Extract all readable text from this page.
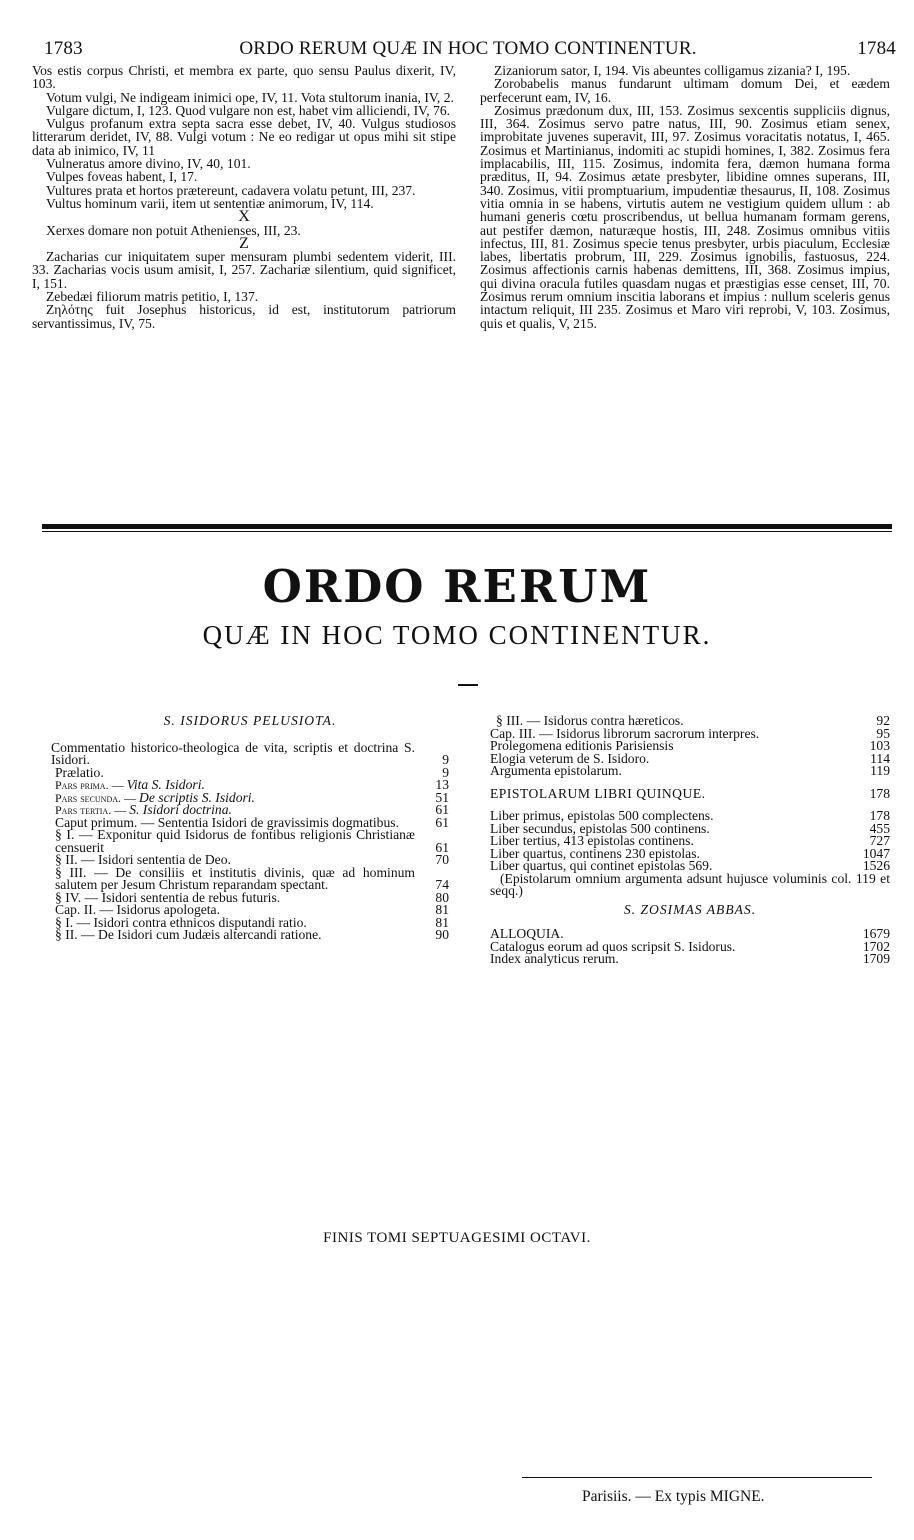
1783	ORDO RERUM QUÆ IN HOC TOMO CONTINENTUR.	1784

Vos estis corpus Christi, et membra ex parte, quo sensu Paulus dixerit, IV, 103.

Votum vulgi, Ne indigeam inimici ope, IV, 11. Vota stultorum inania, IV, 2.

Vulgare dictum, I, 123. Quod vulgare non est, habet vim alliciendi, IV, 76.

Vulgus profanum extra septa sacra esse debet, IV, 40. Vulgus studiosos litterarum deridet, IV, 88. Vulgi votum : Ne eo redigar ut opus mihi sit stipe data ab inimico, IV, 11

Vulneratus amore divino, IV, 40, 101.

Vulpes foveas habent, I, 17.

Vultures prata et hortos prætereunt, cadavera volatu petunt, III, 237.

Vultus hominum varii, item ut sententiæ animorum, IV, 114.

X

Xerxes domare non potuit Athenienses, III, 23.

Z

Zacharias cur iniquitatem super mensuram plumbi sedentem viderit, III. 33. Zacharias vocis usum amisit, I, 257. Zachariæ silentium, quid significet, I, 151.

Zebedæi filiorum matris petitio, I, 137.

Ζηλότης fuit Josephus historicus, id est, institutorum patriorum servantissimus, IV, 75.

Zizaniorum sator, I, 194. Vis abeuntes colligamus zizania? I, 195.

Zorobabelis manus fundarunt ultimam domum Dei, et eædem perfecerunt eam, IV, 16.

Zosimus prædonum dux, III, 153. Zosimus sexcentis suppliciis dignus, III, 364. Zosimus servo patre natus, III, 90. Zosimus etiam senex, improbitate juvenes superavit, III, 97. Zosimus voracitatis notatus, I, 465. Zosimus et Martinianus, indomiti ac stupidi homines, I, 382. Zosimus fera implacabilis, III, 115. Zosimus, indomita fera, dæmon humana forma præditus, II, 94. Zosimus ætate presbyter, libidine omnes superans, III, 340. Zosimus, vitii promptuarium, impudentiæ thesaurus, II, 108. Zosimus vitia omnia in se habens, virtutis autem ne vestigium quidem ullum : ab humani generis cœtu proscribendus, ut bellua humanam formam gerens, aut pestifer dæmon, naturæque hostis, III, 248. Zosimus omnibus vitiis infectus, III, 81. Zosimus specie tenus presbyter, urbis piaculum, Ecclesiæ labes, libertatis probrum, III, 229. Zosimus ignobilis, fastuosus, 224. Zosimus affectionis carnis habenas demittens, III, 368. Zosimus impius, qui divina oracula futiles quasdam nugas et præstigias esse censet, III, 70. Zosimus rerum omnium inscitia laborans et impius : nullum sceleris genus intactum reliquit, III 235. Zosimus et Maro viri reprobi, V, 103. Zosimus, quis et qualis, V, 215.

ORDO RERUM
QUÆ IN HOC TOMO CONTINENTUR.
S. ISIDORUS PELUSIOTA.
Commentatio historico-theologica de vita, scriptis et doctrina S. Isidori.	9
Prælatio.	9
Pars prima. — Vita S. Isidori.	13
Pars secunda. — De scriptis S. Isidori.	51
Pars tertia. — S. Isidori doctrina.	61
Caput primum. — Sententia Isidori de gravissimis dogmatibus.	61
§ I. — Exponitur quid Isidorus de fontibus religionis Christianæ censuerit	61
§ II. — Isidori sententia de Deo.	70
§ III. — De consiliis et institutis divinis, quæ ad hominum salutem per Jesum Christum reparandam spectant.	74
§ IV. — Isidori sententia de rebus futuris.	80
Cap. II. — Isidorus apologeta.	81
§ I. — Isidori contra ethnicos disputandi ratio.	81
§ II. — De Isidori cum Judæis altercandi ratione.	90
§ III. — Isidorus contra hæreticos.	92
Cap. III. — Isidorus librorum sacrorum interpres.	95
Prolegomena editionis Parisiensis	103
Elogia veterum de S. Isidoro.	114
Argumenta epistolarum.	119
EPISTOLARUM LIBRI QUINQUE.	178
Liber primus, epistolas 500 complectens.	178
Liber secundus, epistolas 500 continens.	455
Liber tertius, 413 epistolas continens.	727
Liber quartus, continens 230 epistolas.	1047
Liber quartus, qui continet epistolas 569.	1526
(Epistolarum omnium argumenta adsunt hujusce voluminis col. 119 et seqq.)
S. ZOSIMAS ABBAS.
ALLOQUIA.	1679
Catalogus eorum ad quos scripsit S. Isidorus.	1702
Index analyticus rerum.	1709
FINIS TOMI SEPTUAGESIMI OCTAVI.
Parisiis. — Ex typis MIGNE.
